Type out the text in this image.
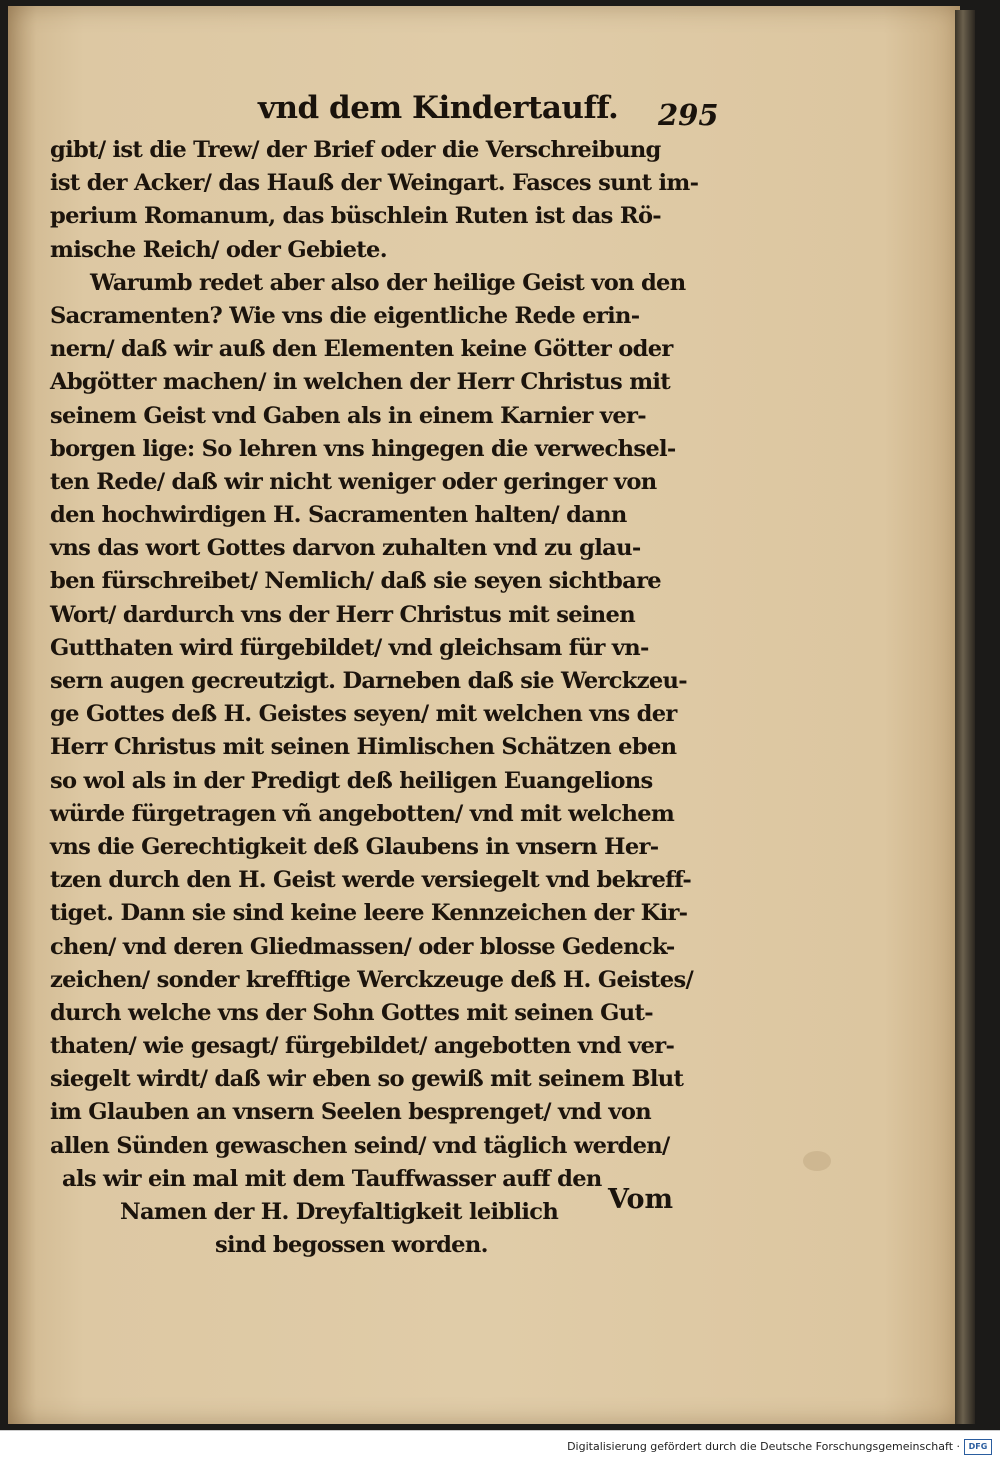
vnd dem Kindertauff. 295
gibt/ ist die Trew/ der Brief oder die Verschreibung
ist der Acker/ das Hauß der Weingart. Fasces sunt im-
perium Romanum, das büschlein Ruten ist das Rö-
mische Reich/ oder Gebiete.
Warumb redet aber also der heilige Geist von den
Sacramenten? Wie vns die eigentliche Rede erin-
nern/ daß wir auß den Elementen keine Götter oder
Abgötter machen/ in welchen der Herr Christus mit
seinem Geist vnd Gaben als in einem Karnier ver-
borgen lige: So lehren vns hingegen die verwechsel-
ten Rede/ daß wir nicht weniger oder geringer von
den hochwirdigen H. Sacramenten halten/ dann
vns das wort Gottes darvon zuhalten vnd zu glau-
ben fürschreibet/ Nemlich/ daß sie seyen sichtbare
Wort/ dardurch vns der Herr Christus mit seinen
Gutthaten wird fürgebildet/ vnd gleichsam für vn-
sern augen gecreutzigt. Darneben daß sie Werckzeu-
ge Gottes deß H. Geistes seyen/ mit welchen vns der
Herr Christus mit seinen Himlischen Schätzen eben
so wol als in der Predigt deß heiligen Euangelions
würde fürgetragen vñ angebotten/ vnd mit welchem
vns die Gerechtigkeit deß Glaubens in vnsern Her-
tzen durch den H. Geist werde versiegelt vnd bekreff-
tiget. Dann sie sind keine leere Kennzeichen der Kir-
chen/ vnd deren Gliedmassen/ oder blosse Gedenck-
zeichen/ sonder krefftige Werckzeuge deß H. Geistes/
durch welche vns der Sohn Gottes mit seinen Gut-
thaten/ wie gesagt/ fürgebildet/ angebotten vnd ver-
siegelt wirdt/ daß wir eben so gewiß mit seinem Blut
im Glauben an vnsern Seelen besprenget/ vnd von
allen Sünden gewaschen seind/ vnd täglich werden/
als wir ein mal mit dem Tauffwasser auff den
Namen der H. Dreyfaltigkeit leiblich
sind begossen worden.
Vom
Digitalisierung gefördert durch die Deutsche Forschungsgemeinschaft ·	DFG
